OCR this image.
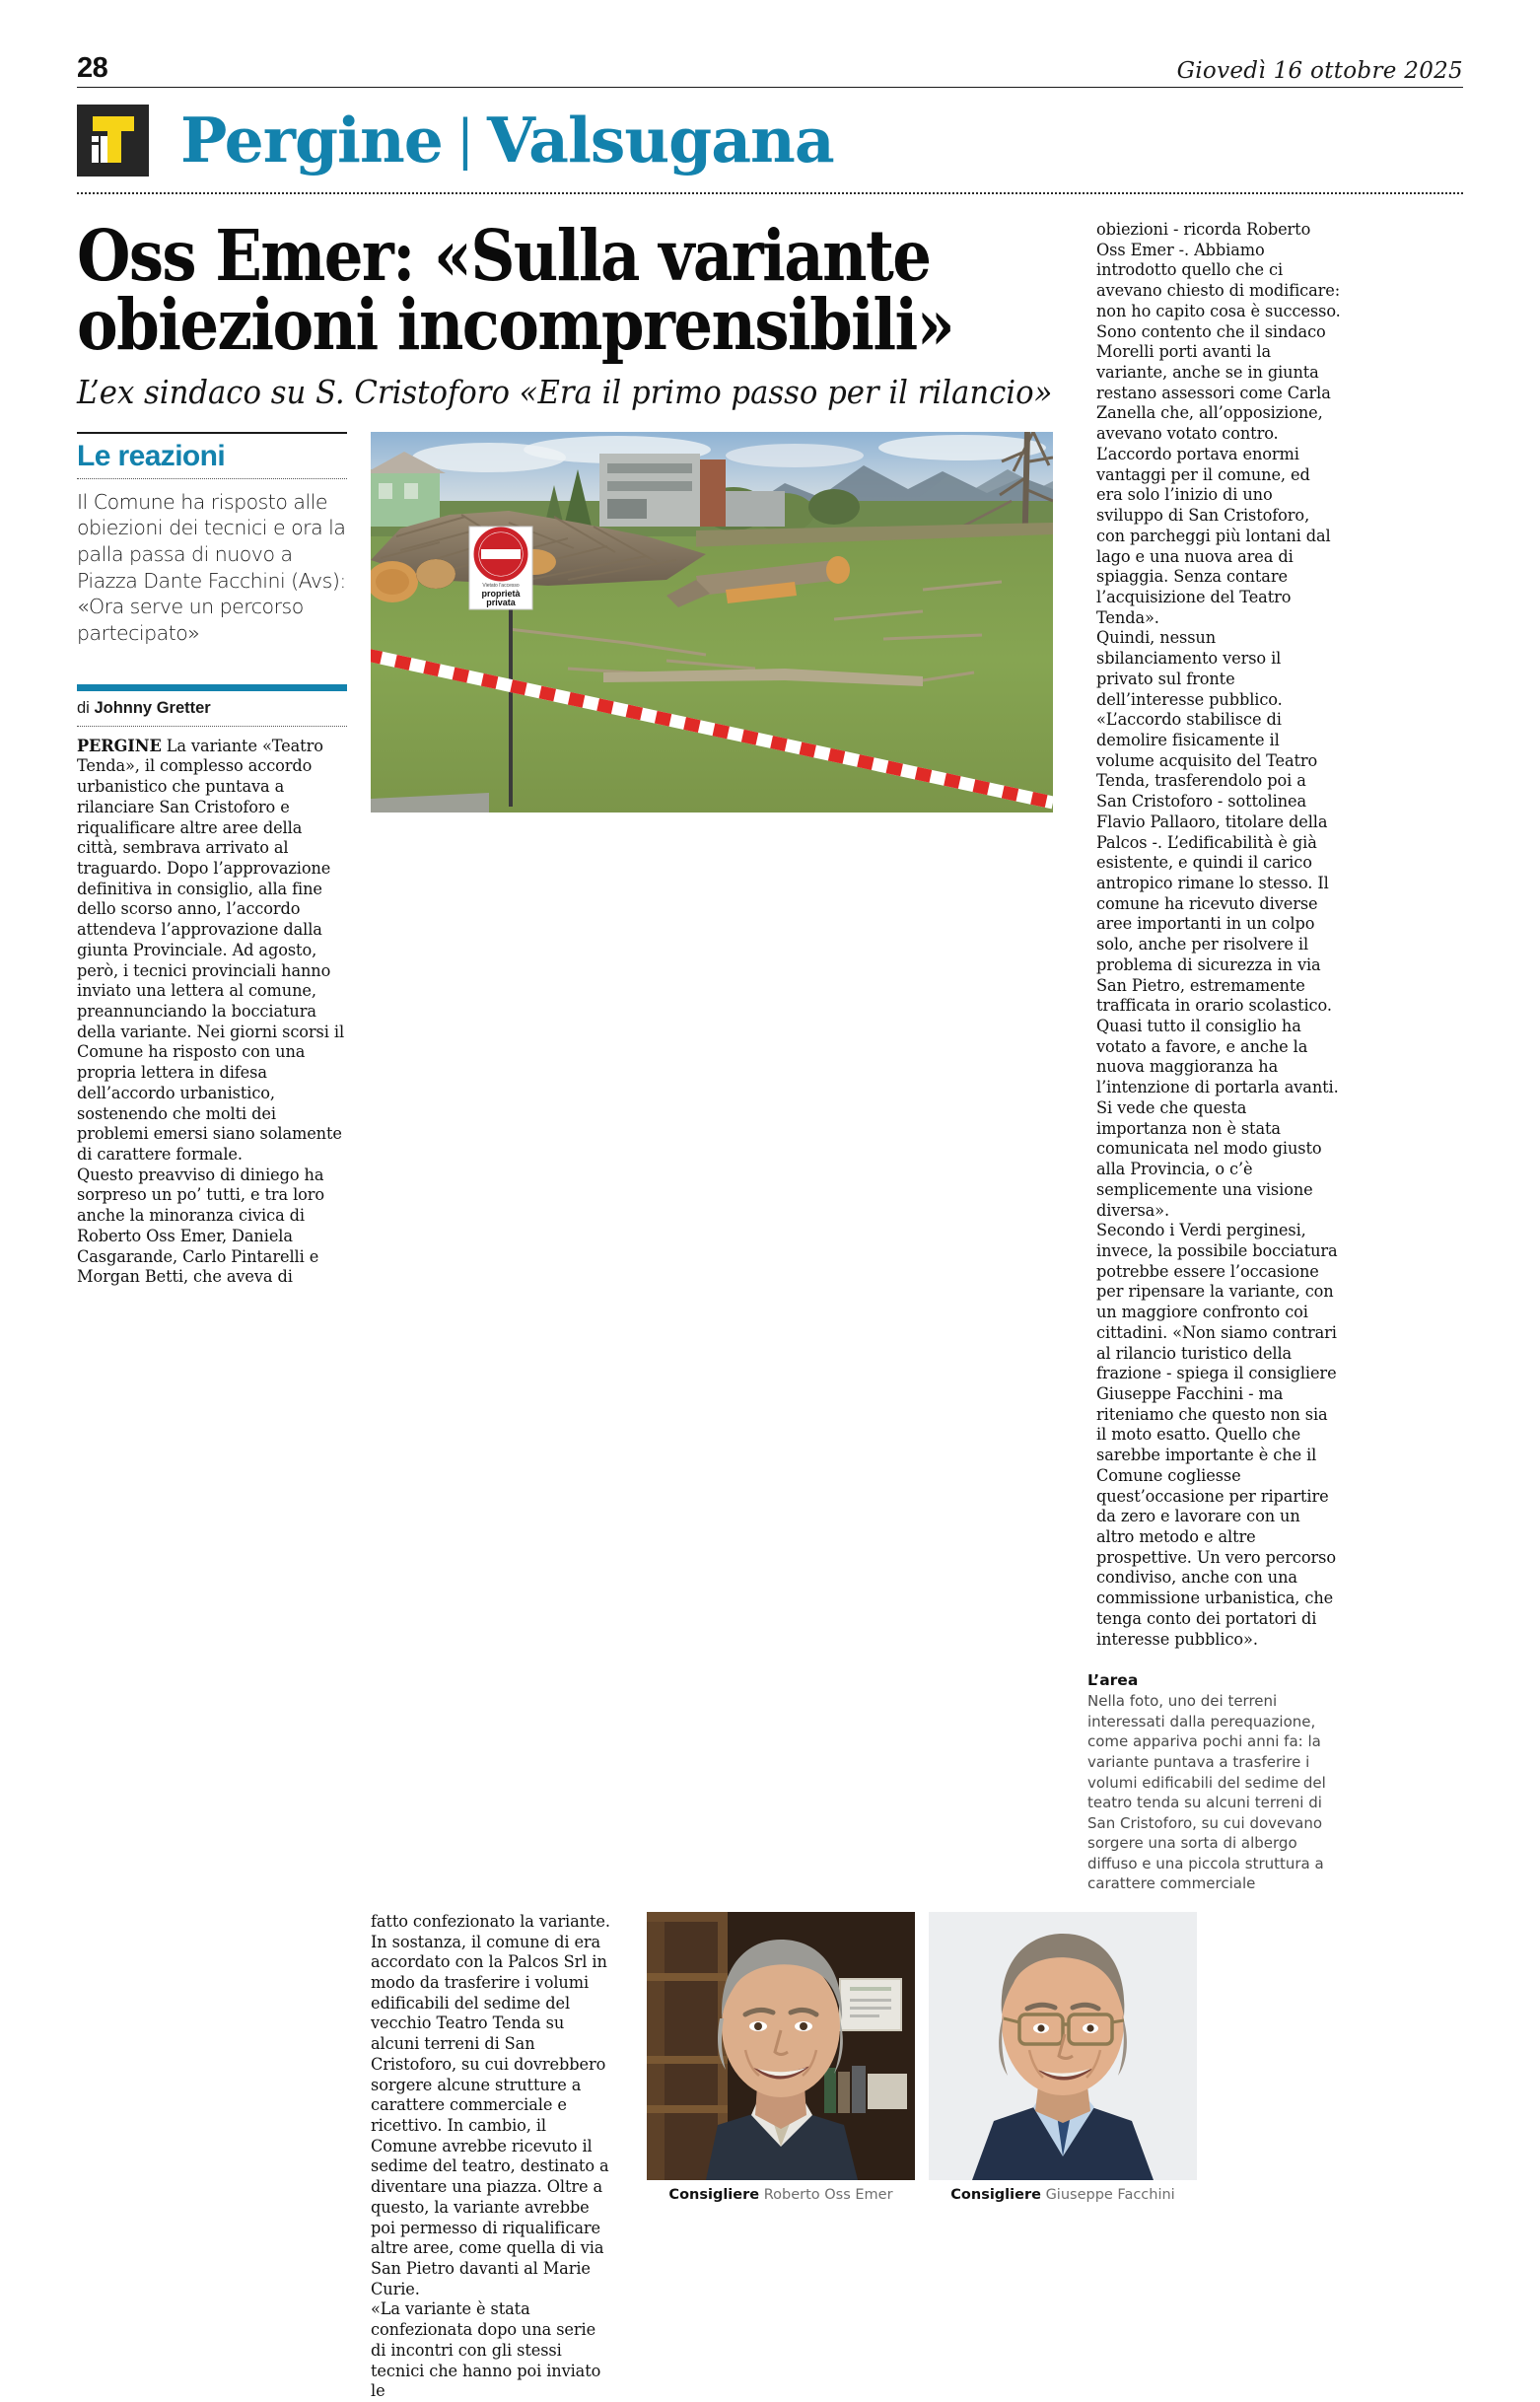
28	Giovedì 16 ottobre 2025
Pergine | Valsugana
Oss Emer: «Sulla variante
obiezioni incomprensibili»
L’ex sindaco su S. Cristoforo «Era il primo passo per il rilancio»

obiezioni - ricorda Roberto Oss Emer -. Abbiamo introdotto quello che ci avevano chiesto di modificare: non ho capito cosa è successo. Sono contento che il sindaco Morelli porti avanti la variante, anche se in giunta restano assessori come Carla Zanella che, all’opposizione, avevano votato contro. L’accordo portava enormi vantaggi per il comune, ed era solo l’inizio di uno sviluppo di San Cristoforo, con parcheggi più lontani dal lago e una nuova area di spiaggia. Senza contare l’acquisizione del Teatro Tenda».

Quindi, nessun sbilanciamento verso il privato sul fronte dell’interesse pubblico. «L’accordo stabilisce di demolire fisicamente il volume acquisito del Teatro Tenda, trasferendolo poi a San Cristoforo - sottolinea Flavio Pallaoro, titolare della Palcos -. L’edificabilità è già esistente, e quindi il carico antropico rimane lo stesso. Il comune ha ricevuto diverse aree importanti in un colpo solo, anche per risolvere il problema di sicurezza in via San Pietro, estremamente trafficata in orario scolastico. Quasi tutto il consiglio ha votato a favore, e anche la nuova maggioranza ha l’intenzione di portarla avanti. Si vede che questa importanza non è stata comunicata nel modo giusto alla Provincia, o c’è semplicemente una visione diversa».

Secondo i Verdi perginesi, invece, la possibile bocciatura potrebbe essere l’occasione per ripensare la variante, con un maggiore confronto coi cittadini. «Non siamo contrari al rilancio turistico della frazione - spiega il consigliere Giuseppe Facchini - ma riteniamo che questo non sia il moto esatto. Quello che sarebbe importante è che il Comune cogliesse quest’occasione per ripartire da zero e lavorare con un altro metodo e altre prospettive. Un vero percorso condiviso, anche con una commissione urbanistica, che tenga conto dei portatori di interesse pubblico».

Le reazioni
Il Comune ha risposto alle obiezioni dei tecnici e ora la palla passa di nuovo a Piazza Dante Facchini (Avs): «Ora serve un percorso partecipato»
di Johnny Gretter

PERGINE La variante «Teatro Tenda», il complesso accordo urbanistico che puntava a rilanciare San Cristoforo e riqualificare altre aree della città, sembrava arrivato al traguardo. Dopo l’approvazione definitiva in consiglio, alla fine dello scorso anno, l’accordo attendeva l’approvazione dalla giunta Provinciale. Ad agosto, però, i tecnici provinciali hanno inviato una lettera al comune, preannunciando la bocciatura della variante. Nei giorni scorsi il Comune ha risposto con una propria lettera in difesa dell’accordo urbanistico, sostenendo che molti dei problemi emersi siano solamente di carattere formale.

Questo preavviso di diniego ha sorpreso un po’ tutti, e tra loro anche la minoranza civica di Roberto Oss Emer, Daniela Casgarande, Carlo Pintarelli e Morgan Betti, che aveva di

Vietato l'accesso
proprietà
privata
L’area
Nella foto, uno dei terreni interessati dalla perequazione, come appariva pochi anni fa: la variante puntava a trasferire i volumi edificabili del sedime del teatro tenda su alcuni terreni di San Cristoforo, su cui dovevano sorgere una sorta di albergo diffuso e una piccola struttura a carattere commerciale

fatto confezionato la variante. In sostanza, il comune di era accordato con la Palcos Srl in modo da trasferire i volumi edificabili del sedime del vecchio Teatro Tenda su alcuni terreni di San Cristoforo, su cui dovrebbero sorgere alcune strutture a carattere commerciale e ricettivo. In cambio, il Comune avrebbe ricevuto il sedime del teatro, destinato a diventare una piazza. Oltre a questo, la variante avrebbe poi permesso di riqualificare altre aree, come quella di via San Pietro davanti al Marie Curie.

«La variante è stata confezionata dopo una serie di incontri con gli stessi tecnici che hanno poi inviato le

Consigliere Roberto Oss Emer	Consigliere Giuseppe Facchini
